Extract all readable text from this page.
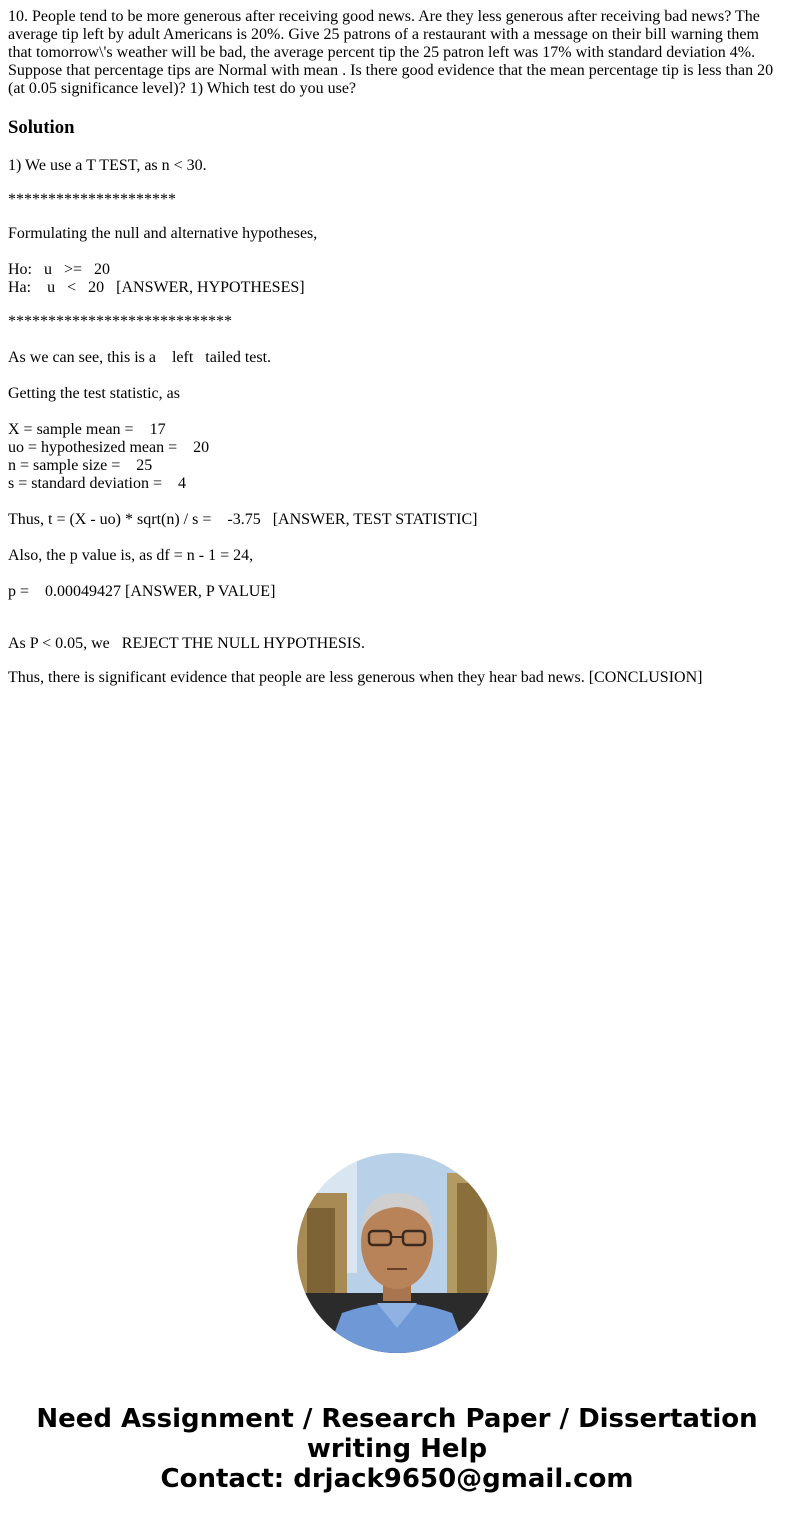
10. People tend to be more generous after receiving good news. Are they less generous after receiving bad news? The average tip left by adult Americans is 20%. Give 25 patrons of a restaurant with a message on their bill warning them that tomorrow\'s weather will be bad, the average percent tip the 25 patron left was 17% with standard deviation 4%. Suppose that percentage tips are Normal with mean . Is there good evidence that the mean percentage tip is less than 20 (at 0.05 significance level)? 1) Which test do you use?

Solution

1) We use a T TEST, as n < 30.

*********************

Formulating the null and alternative hypotheses,

Ho:   u   >=   20

Ha:    u   <   20   [ANSWER, HYPOTHESES]

****************************

As we can see, this is a    left   tailed test.

Getting the test statistic, as

X = sample mean =    17

uo = hypothesized mean =    20

n = sample size =    25

s = standard deviation =    4

Thus, t = (X - uo) * sqrt(n) / s =    -3.75   [ANSWER, TEST STATISTIC]

Also, the p value is, as df = n - 1 = 24,

p =    0.00049427 [ANSWER, P VALUE]

As P < 0.05, we   REJECT THE NULL HYPOTHESIS.

Thus, there is significant evidence that people are less generous when they hear bad news. [CONCLUSION]

Need Assignment / Research Paper / Dissertation
writing Help
Contact: drjack9650@gmail.com
